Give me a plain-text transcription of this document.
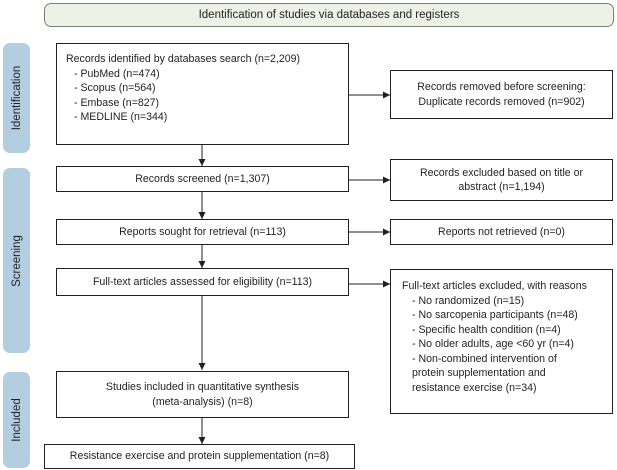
Identification of studies via databases and registers
Identification
Screening
Included
Records identified by databases search (n=2,209)
- PubMed (n=474)
- Scopus (n=564)
- Embase (n=827)
- MEDLINE (n=344)
Records removed before screening:
Duplicate records removed (n=902)
Records screened (n=1,307)
Records excluded based on title or
abstract (n=1,194)
Reports sought for retrieval (n=113)	Reports not retrieved (n=0)
Full-text articles assessed for eligibility (n=113)	Full-text articles excluded, with reasons
- No randomized (n=15)
- No sarcopenia participants (n=48)
- Specific health condition (n=4)
- No older adults, age <60 yr (n=4)
- Non-combined intervention of
protein supplementation and
resistance exercise (n=34)
Studies included in quantitative synthesis
(meta-analysis) (n=8)
Resistance exercise and protein supplementation (n=8)
